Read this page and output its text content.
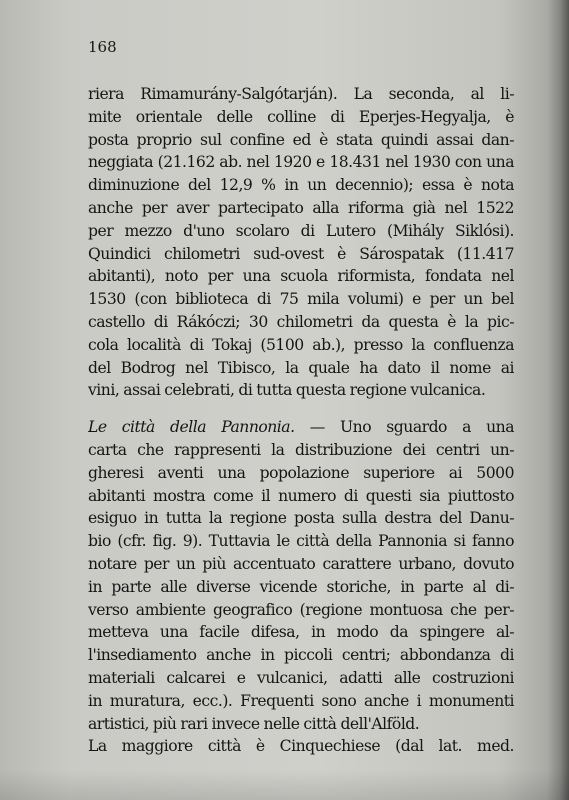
168

riera Rimamurány-Salgótarján). La seconda, al li-
mite orientale delle colline di Eperjes-Hegyalja, è
posta proprio sul confine ed è stata quindi assai dan-
neggiata (21.162 ab. nel 1920 e 18.431 nel 1930 con una
diminuzione del 12,9 % in un decennio); essa è nota
anche per aver partecipato alla riforma già nel 1522
per mezzo d'uno scolaro di Lutero (Mihály Siklósi).
Quindici chilometri sud-ovest è Sárospatak (11.417
abitanti), noto per una scuola riformista, fondata nel
1530 (con biblioteca di 75 mila volumi) e per un bel
castello di Rákóczi; 30 chilometri da questa è la pic-
cola località di Tokaj (5100 ab.), presso la confluenza
del Bodrog nel Tibisco, la quale ha dato il nome ai
vini, assai celebrati, di tutta questa regione vulcanica.
Le città della Pannonia. — Uno sguardo a una
carta che rappresenti la distribuzione dei centri un-
gheresi aventi una popolazione superiore ai 5000
abitanti mostra come il numero di questi sia piuttosto
esiguo in tutta la regione posta sulla destra del Danu-
bio (cfr. fig. 9). Tuttavia le città della Pannonia si fanno
notare per un più accentuato carattere urbano, dovuto
in parte alle diverse vicende storiche, in parte al di-
verso ambiente geografico (regione montuosa che per-
metteva una facile difesa, in modo da spingere al-
l'insediamento anche in piccoli centri; abbondanza di
materiali calcarei e vulcanici, adatti alle costruzioni
in muratura, ecc.). Frequenti sono anche i monumenti
artistici, più rari invece nelle città dell'Alföld.
La maggiore città è Cinquechiese (dal lat. med.
